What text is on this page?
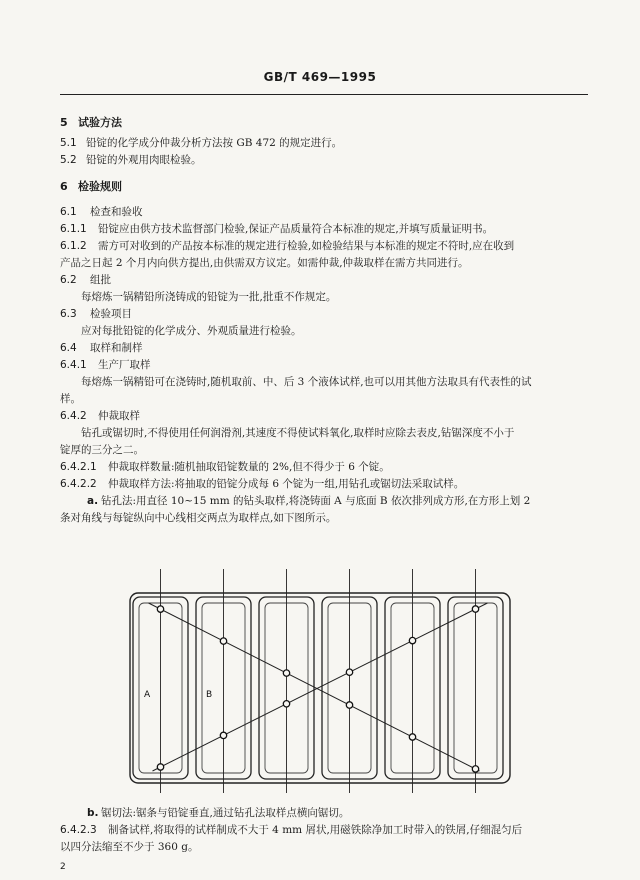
GB/T 469—1995
5 试验方法
5.1 铅锭的化学成分仲裁分析方法按 GB 472 的规定进行。
5.2 铅锭的外观用肉眼检验。
6 检验规则
6.1 检查和验收
6.1.1 铅锭应由供方技术监督部门检验,保证产品质量符合本标准的规定,并填写质量证明书。
6.1.2 需方可对收到的产品按本标准的规定进行检验,如检验结果与本标准的规定不符时,应在收到
产品之日起 2 个月内向供方提出,由供需双方议定。如需仲裁,仲裁取样在需方共同进行。
6.2 组批
每熔炼一锅精铅所浇铸成的铅锭为一批,批重不作规定。
6.3 检验项目
应对每批铅锭的化学成分、外观质量进行检验。
6.4 取样和制样
6.4.1 生产厂取样
每熔炼一锅精铅可在浇铸时,随机取前、中、后 3 个液体试样,也可以用其他方法取具有代表性的试
样。
6.4.2 仲裁取样
钻孔或锯切时,不得使用任何润滑剂,其速度不得使试料氧化,取样时应除去表皮,钻锯深度不小于
锭厚的三分之二。
6.4.2.1 仲裁取样数量:随机抽取铅锭数量的 2%,但不得少于 6 个锭。
6.4.2.2 仲裁取样方法:将抽取的铅锭分成每 6 个锭为一组,用钻孔或锯切法采取试样。
a. 钻孔法:用直径 10~15 mm 的钻头取样,将浇铸面 A 与底面 B 依次排列成方形,在方形上划 2
条对角线与每锭纵向中心线相交两点为取样点,如下图所示。
A	B
b. 锯切法:锯条与铅锭垂直,通过钻孔法取样点横向锯切。
6.4.2.3 制备试样,将取得的试样制成不大于 4 mm 屑状,用磁铁除净加工时带入的铁屑,仔细混匀后
以四分法缩至不少于 360 g。
2
